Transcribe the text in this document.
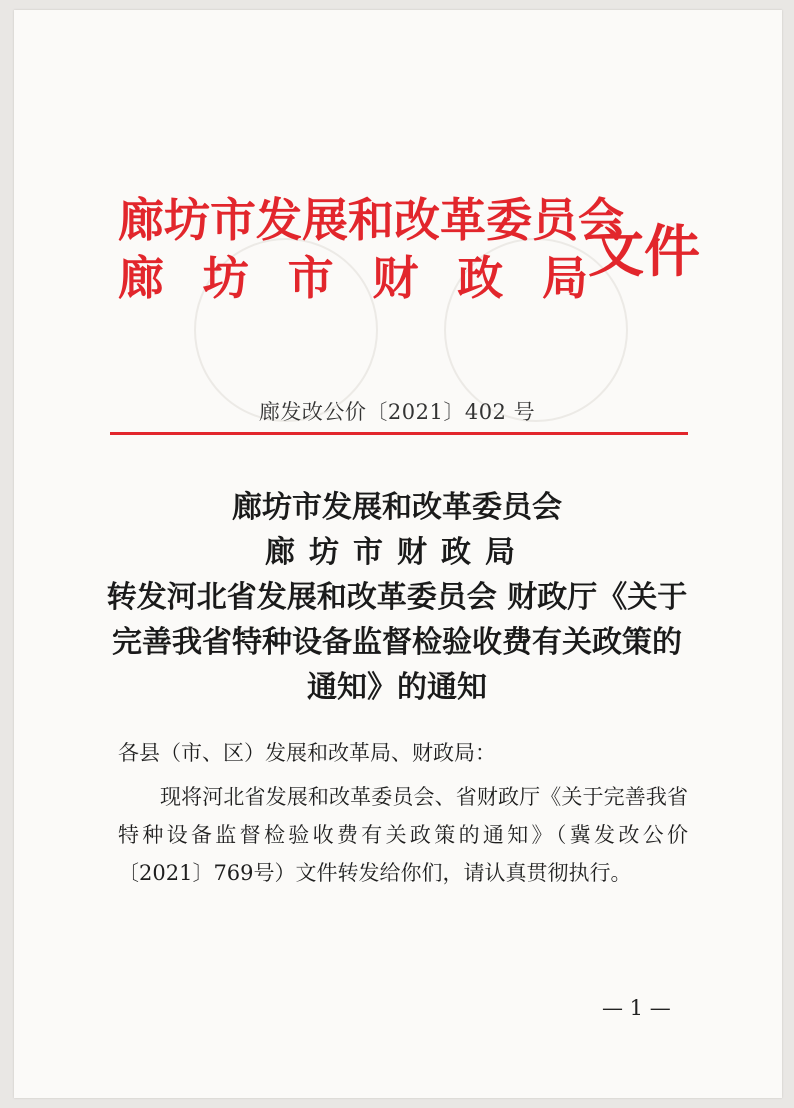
廊坊市发展和改革委员会
廊 坊 市 财 政 局 文件
廊发改公价〔2021〕402 号
廊坊市发展和改革委员会
廊坊市财政局
转发河北省发展和改革委员会 财政厅《关于
完善我省特种设备监督检验收费有关政策的
通知》的通知
各县（市、区）发展和改革局、财政局：
现将河北省发展和改革委员会、省财政厅《关于完善我省特种设备监督检验收费有关政策的通知》（冀发改公价〔2021〕769号）文件转发给你们，请认真贯彻执行。
— 1 —
